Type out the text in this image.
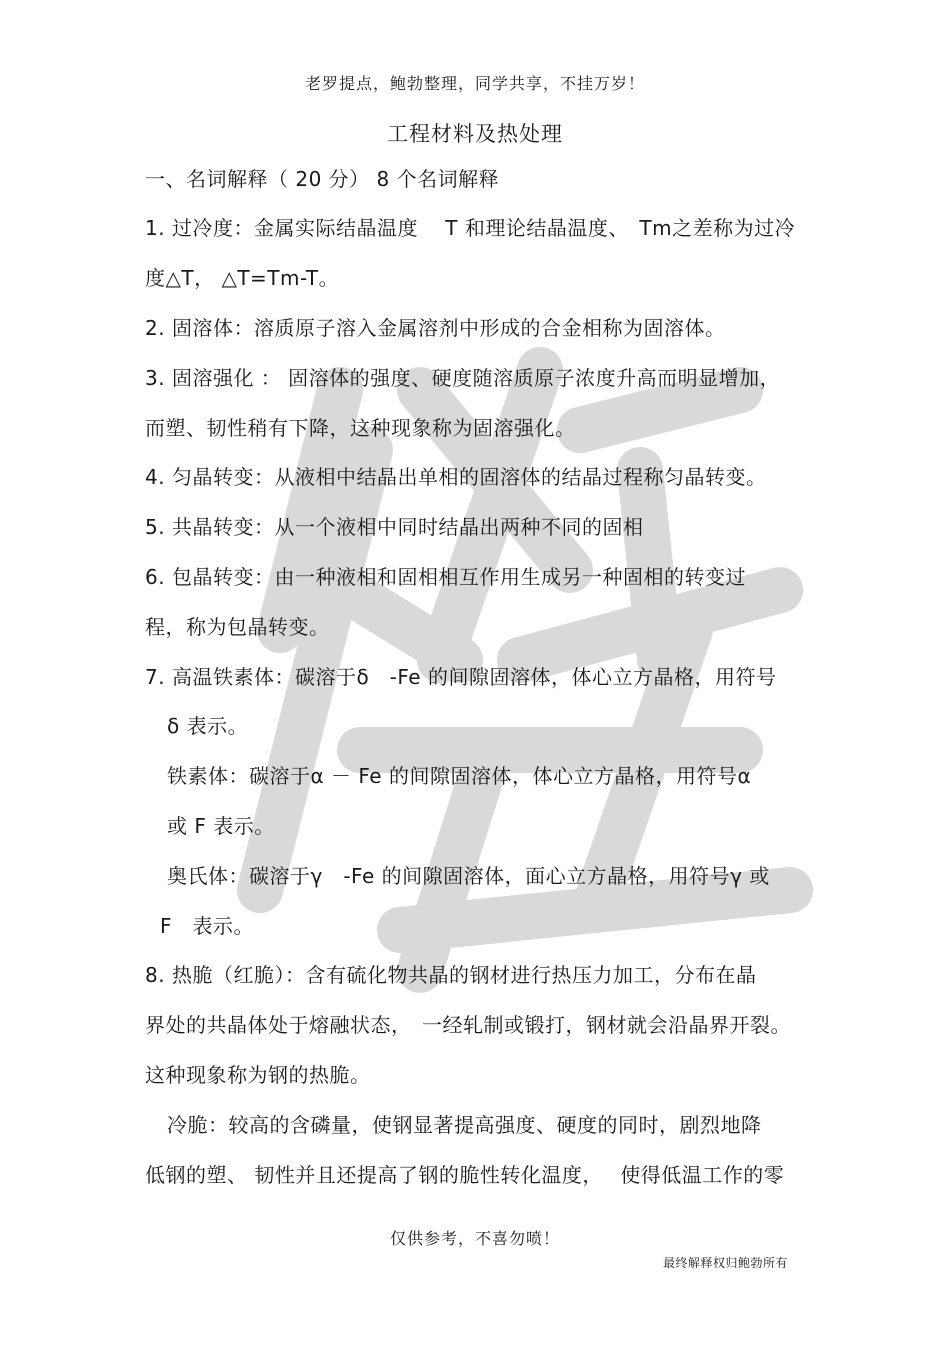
老罗提点，鲍勃整理，同学共享，不挂万岁！
工程材料及热处理
一、名词解释（ 20 分） 8 个名词解释
1. 过冷度：金属实际结晶温度　 T 和理论结晶温度、　Tm之差称为过冷
度△T， △T=Tm-T。
2. 固溶体：溶质原子溶入金属溶剂中形成的合金相称为固溶体。
3. 固溶强化 ： 固溶体的强度、硬度随溶质原子浓度升高而明显增加，
而塑、韧性稍有下降，这种现象称为固溶强化。
4. 匀晶转变：从液相中结晶出单相的固溶体的结晶过程称匀晶转变。
5. 共晶转变：从一个液相中同时结晶出两种不同的固相
6. 包晶转变：由一种液相和固相相互作用生成另一种固相的转变过
程，称为包晶转变。
7. 高温铁素体：碳溶于δ　-Fe 的间隙固溶体，体心立方晶格，用符号
δ 表示。
铁素体：碳溶于α － Fe 的间隙固溶体，体心立方晶格，用符号α
或 F 表示。
奥氏体：碳溶于γ　-Fe 的间隙固溶体，面心立方晶格，用符号γ 或
F　表示。
8. 热脆（红脆）：含有硫化物共晶的钢材进行热压力加工，分布在晶
界处的共晶体处于熔融状态，　一经轧制或锻打，钢材就会沿晶界开裂。
这种现象称为钢的热脆。
冷脆：较高的含磷量，使钢显著提高强度、硬度的同时，剧烈地降
低钢的塑、 韧性并且还提高了钢的脆性转化温度，　 使得低温工作的零
仅供参考，不喜勿喷！
最终解释权归鲍勃所有
